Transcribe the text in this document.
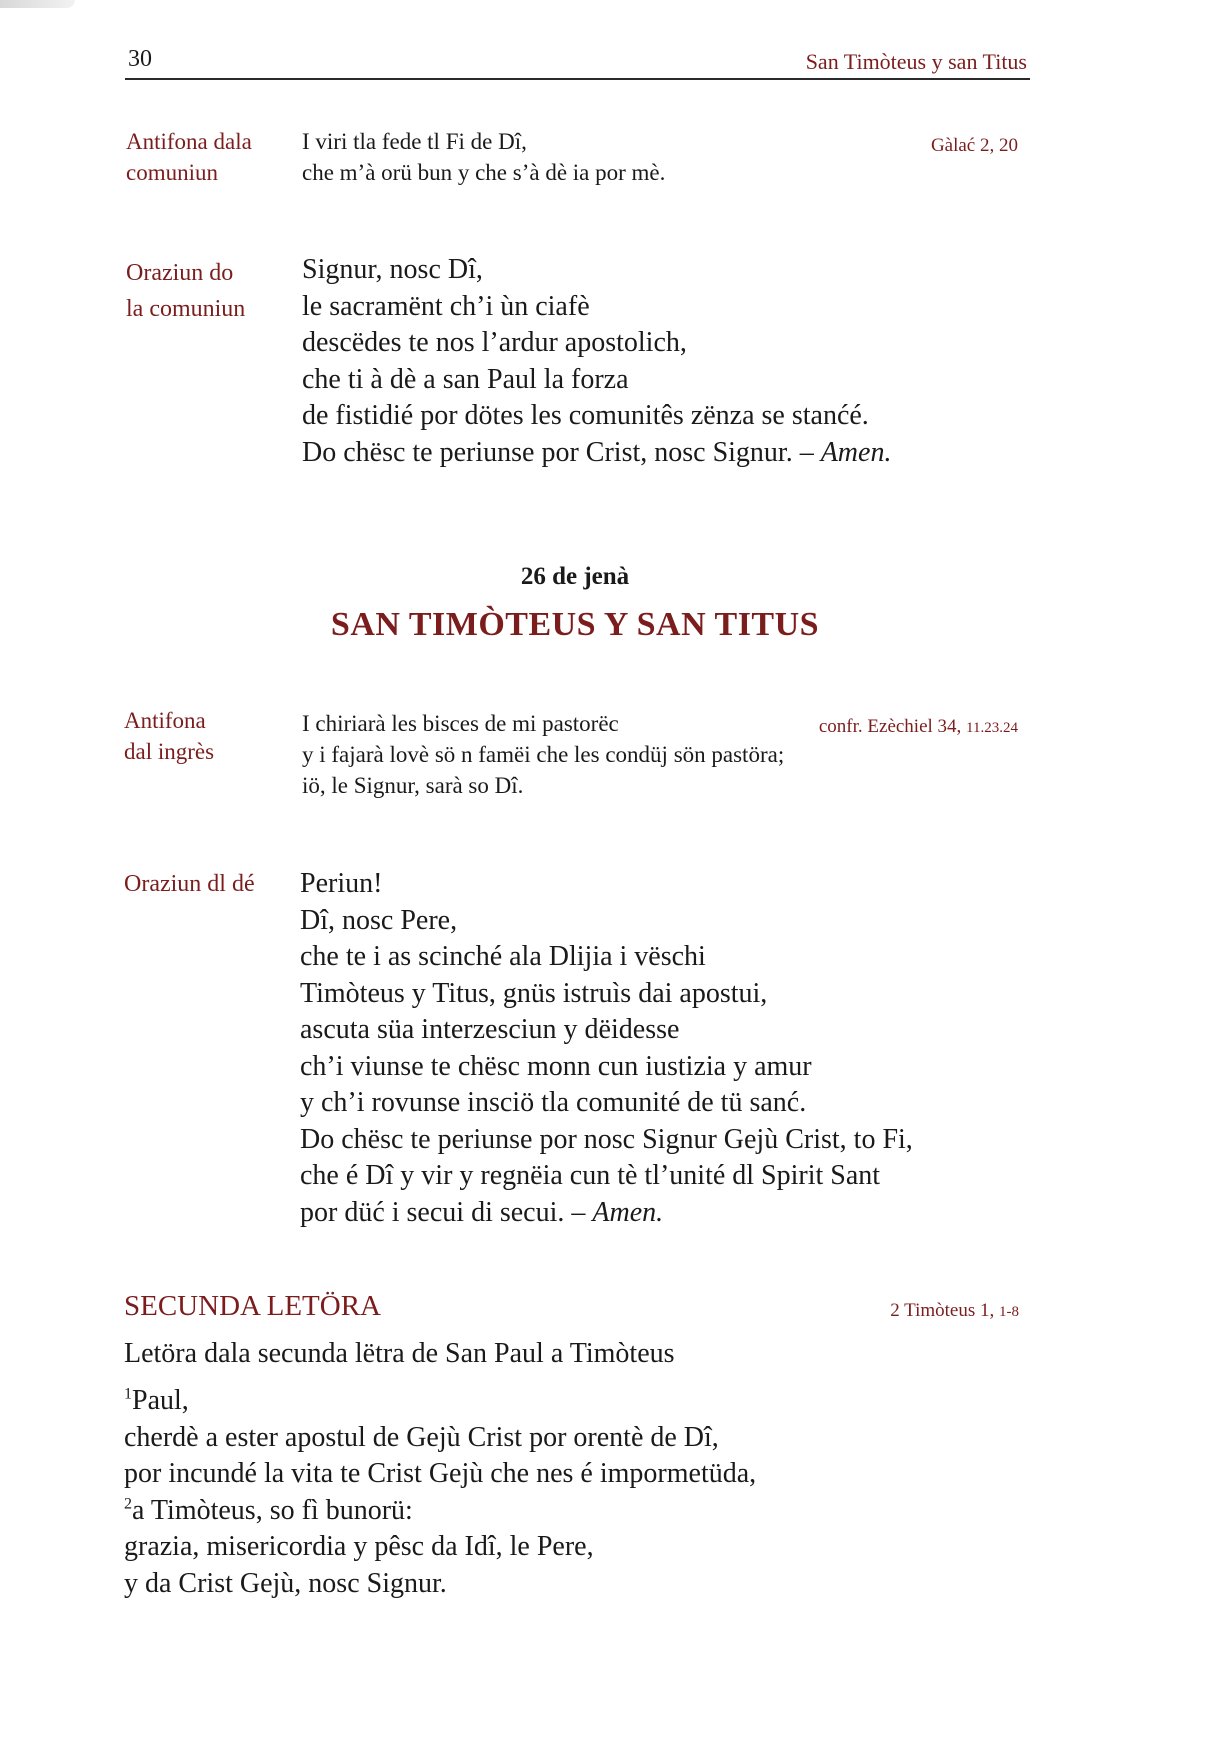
30	San Timòteus y san Titus
Antifona dala
comuniun
I viri tla fede tl Fi de Dî,
che m’à orü bun y che s’à dè ia por mè.
Gàlać 2, 20
Oraziun do
la comuniun
Signur, nosc Dî,
le sacramënt ch’i ùn ciafè
descëdes te nos l’ardur apostolich,
che ti à dè a san Paul la forza
de fistidié por dötes les comunitês zënza se stanćé.
Do chësc te periunse por Crist, nosc Signur. – Amen.
26 de jenà
SAN TIMÒTEUS Y SAN TITUS
Antifona
dal ingrès
I chiriarà les bisces de mi pastorëc
y i fajarà lovè sö n famëi che les condüj sön pastöra;
iö, le Signur, sarà so Dî.
confr. Ezèchiel 34, 11.23.24
Oraziun dl dé Periun!
Dî, nosc Pere,
che te i as scinché ala Dlijia i vëschi
Timòteus y Titus, gnüs istruìs dai apostui,
ascuta süa interzesciun y dëidesse
ch’i viunse te chësc monn cun iustizia y amur
y ch’i rovunse insciö tla comunité de tü sanć.
Do chësc te periunse por nosc Signur Gejù Crist, to Fi,
che é Dî y vir y regnëia cun tè tl’unité dl Spirit Sant
por düć i secui di secui. – Amen.
SECUNDA LETÖRA	2 Timòteus 1, 1-8
Letöra dala secunda lëtra de San Paul a Timòteus
$^1$Paul,
cherdè a ester apostul de Gejù Crist por orentè de Dî,
por incundé la vita te Crist Gejù che nes é impormetüda,
$^2$a Timòteus, so fì bunorü:
grazia, misericordia y pêsc da Idî, le Pere,
y da Crist Gejù, nosc Signur.
